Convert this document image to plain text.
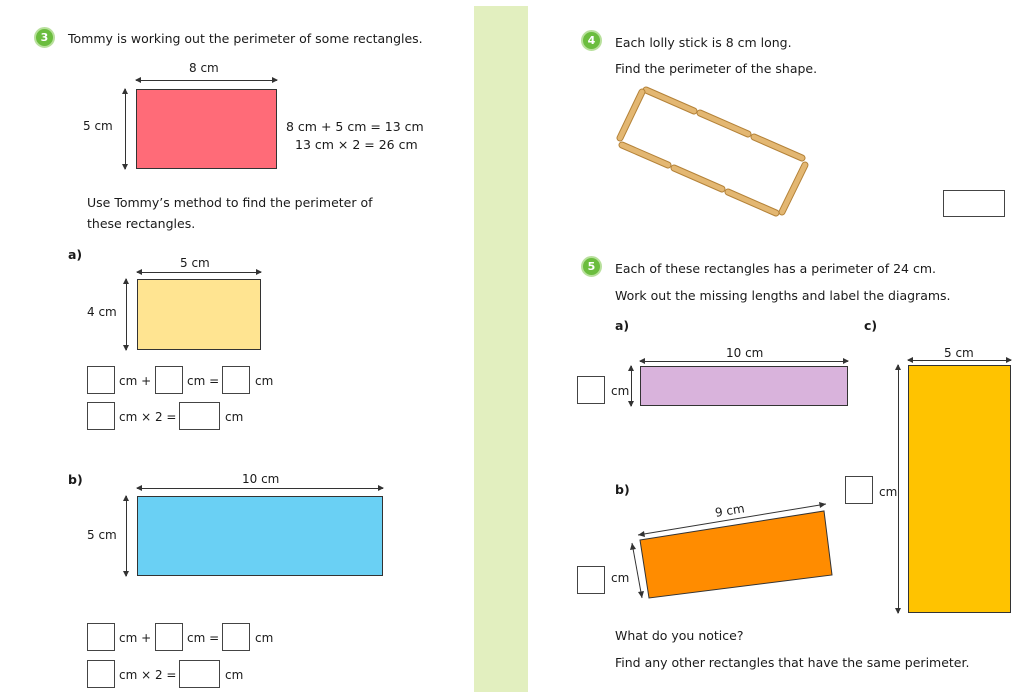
3	Tommy is working out the perimeter of some rectangles.
8 cm
5 cm	8 cm + 5 cm = 13 cm
13 cm × 2 = 26 cm
Use Tommy’s method to find the perimeter of
these rectangles.
a)
5 cm
4 cm
cm +	cm =	cm
cm × 2 =	cm
b)	10 cm
5 cm
cm +	cm =	cm
cm × 2 =	cm
4	Each lolly stick is 8 cm long.
Find the perimeter of the shape.
5	Each of these rectangles has a perimeter of 24 cm.
Work out the missing lengths and label the diagrams.
a)
10 cm
cm
b)
9 cm
cm
c)
5 cm
cm
What do you notice?
Find any other rectangles that have the same perimeter.
